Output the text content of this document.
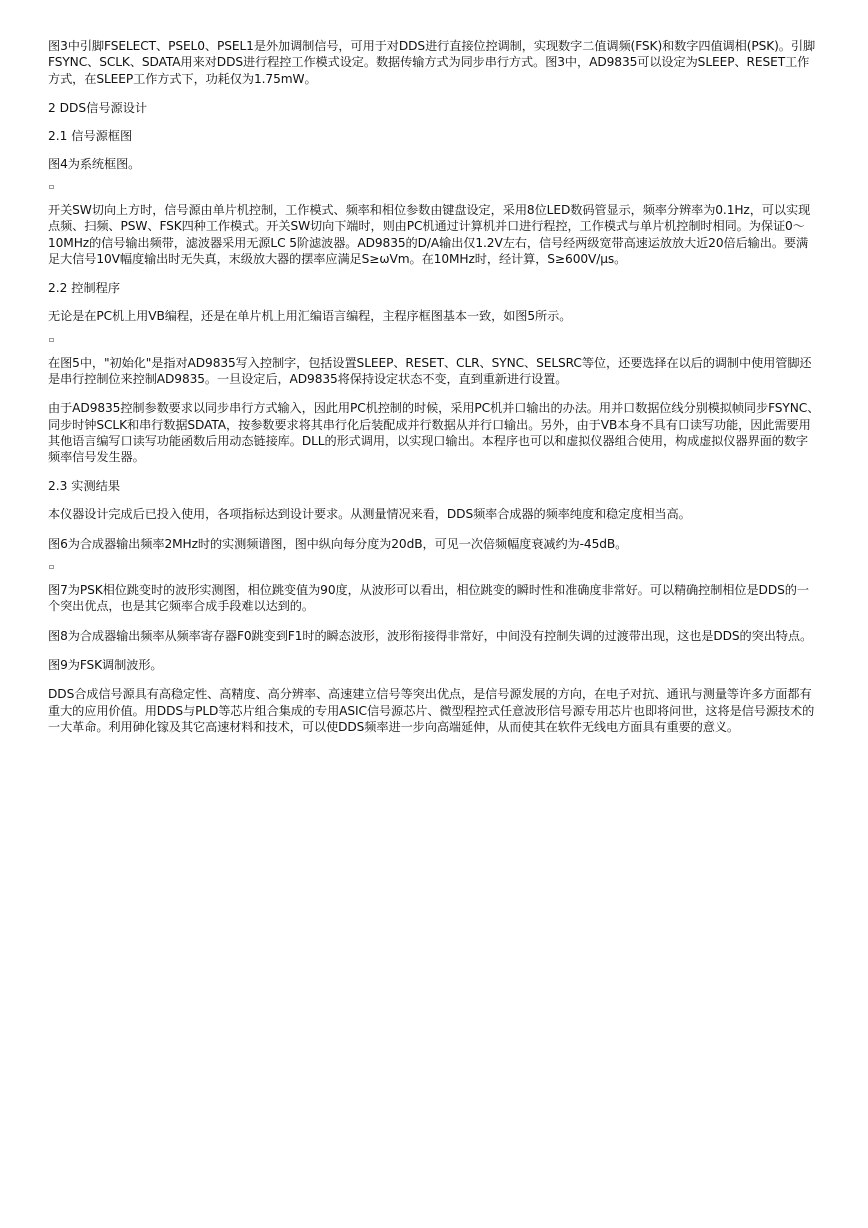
图3中引脚FSELECT、PSEL0、PSEL1是外加调制信号，可用于对DDS进行直接位控调制，实现数字二值调频(FSK)和数字四值调相(PSK)。引脚FSYNC、SCLK、SDATA用来对DDS进行程控工作模式设定。数据传输方式为同步串行方式。图3中，AD9835可以设定为SLEEP、RESET工作方式，在SLEEP工作方式下，功耗仅为1.75mW。

2 DDS信号源设计

2.1 信号源框图

图4为系统框图。

开关SW切向上方时，信号源由单片机控制，工作模式、频率和相位参数由键盘设定，采用8位LED数码管显示，频率分辨率为0.1Hz，可以实现点频、扫频、PSW、FSK四种工作模式。开关SW切向下端时，则由PC机通过计算机并口进行程控，工作模式与单片机控制时相同。为保证0～10MHz的信号输出频带，滤波器采用无源LC 5阶滤波器。AD9835的D/A输出仅1.2V左右，信号经两级宽带高速运放放大近20倍后输出。要满足大信号10V幅度输出时无失真，末级放大器的摆率应满足S≥ωVm。在10MHz时，经计算，S≥600V/μs。

2.2 控制程序

无论是在PC机上用VB编程，还是在单片机上用汇编语言编程，主程序框图基本一致，如图5所示。

在图5中，"初始化"是指对AD9835写入控制字，包括设置SLEEP、RESET、CLR、SYNC、SELSRC等位，还要选择在以后的调制中使用管脚还是串行控制位来控制AD9835。一旦设定后，AD9835将保持设定状态不变，直到重新进行设置。

由于AD9835控制参数要求以同步串行方式输入，因此用PC机控制的时候，采用PC机并口输出的办法。用并口数据位线分别模拟帧同步FSYNC、同步时钟SCLK和串行数据SDATA，按参数要求将其串行化后装配成并行数据从并行口输出。另外，由于VB本身不具有口读写功能，因此需要用其他语言编写口读写功能函数后用动态链接库。DLL的形式调用，以实现口输出。本程序也可以和虚拟仪器组合使用，构成虚拟仪器界面的数字频率信号发生器。

2.3 实测结果

本仪器设计完成后已投入使用，各项指标达到设计要求。从测量情况来看，DDS频率合成器的频率纯度和稳定度相当高。

图6为合成器输出频率2MHz时的实测频谱图，图中纵向每分度为20dB，可见一次倍频幅度衰减约为-45dB。

图7为PSK相位跳变时的波形实测图，相位跳变值为90度，从波形可以看出，相位跳变的瞬时性和准确度非常好。可以精确控制相位是DDS的一个突出优点，也是其它频率合成手段难以达到的。

图8为合成器输出频率从频率寄存器F0跳变到F1时的瞬态波形，波形衔接得非常好，中间没有控制失调的过渡带出现，这也是DDS的突出特点。

图9为FSK调制波形。

DDS合成信号源具有高稳定性、高精度、高分辨率、高速建立信号等突出优点，是信号源发展的方向，在电子对抗、通讯与测量等许多方面都有重大的应用价值。用DDS与PLD等芯片组合集成的专用ASIC信号源芯片、微型程控式任意波形信号源专用芯片也即将问世，这将是信号源技术的一大革命。利用砷化镓及其它高速材料和技术，可以使DDS频率进一步向高端延伸，从而使其在软件无线电方面具有重要的意义。
